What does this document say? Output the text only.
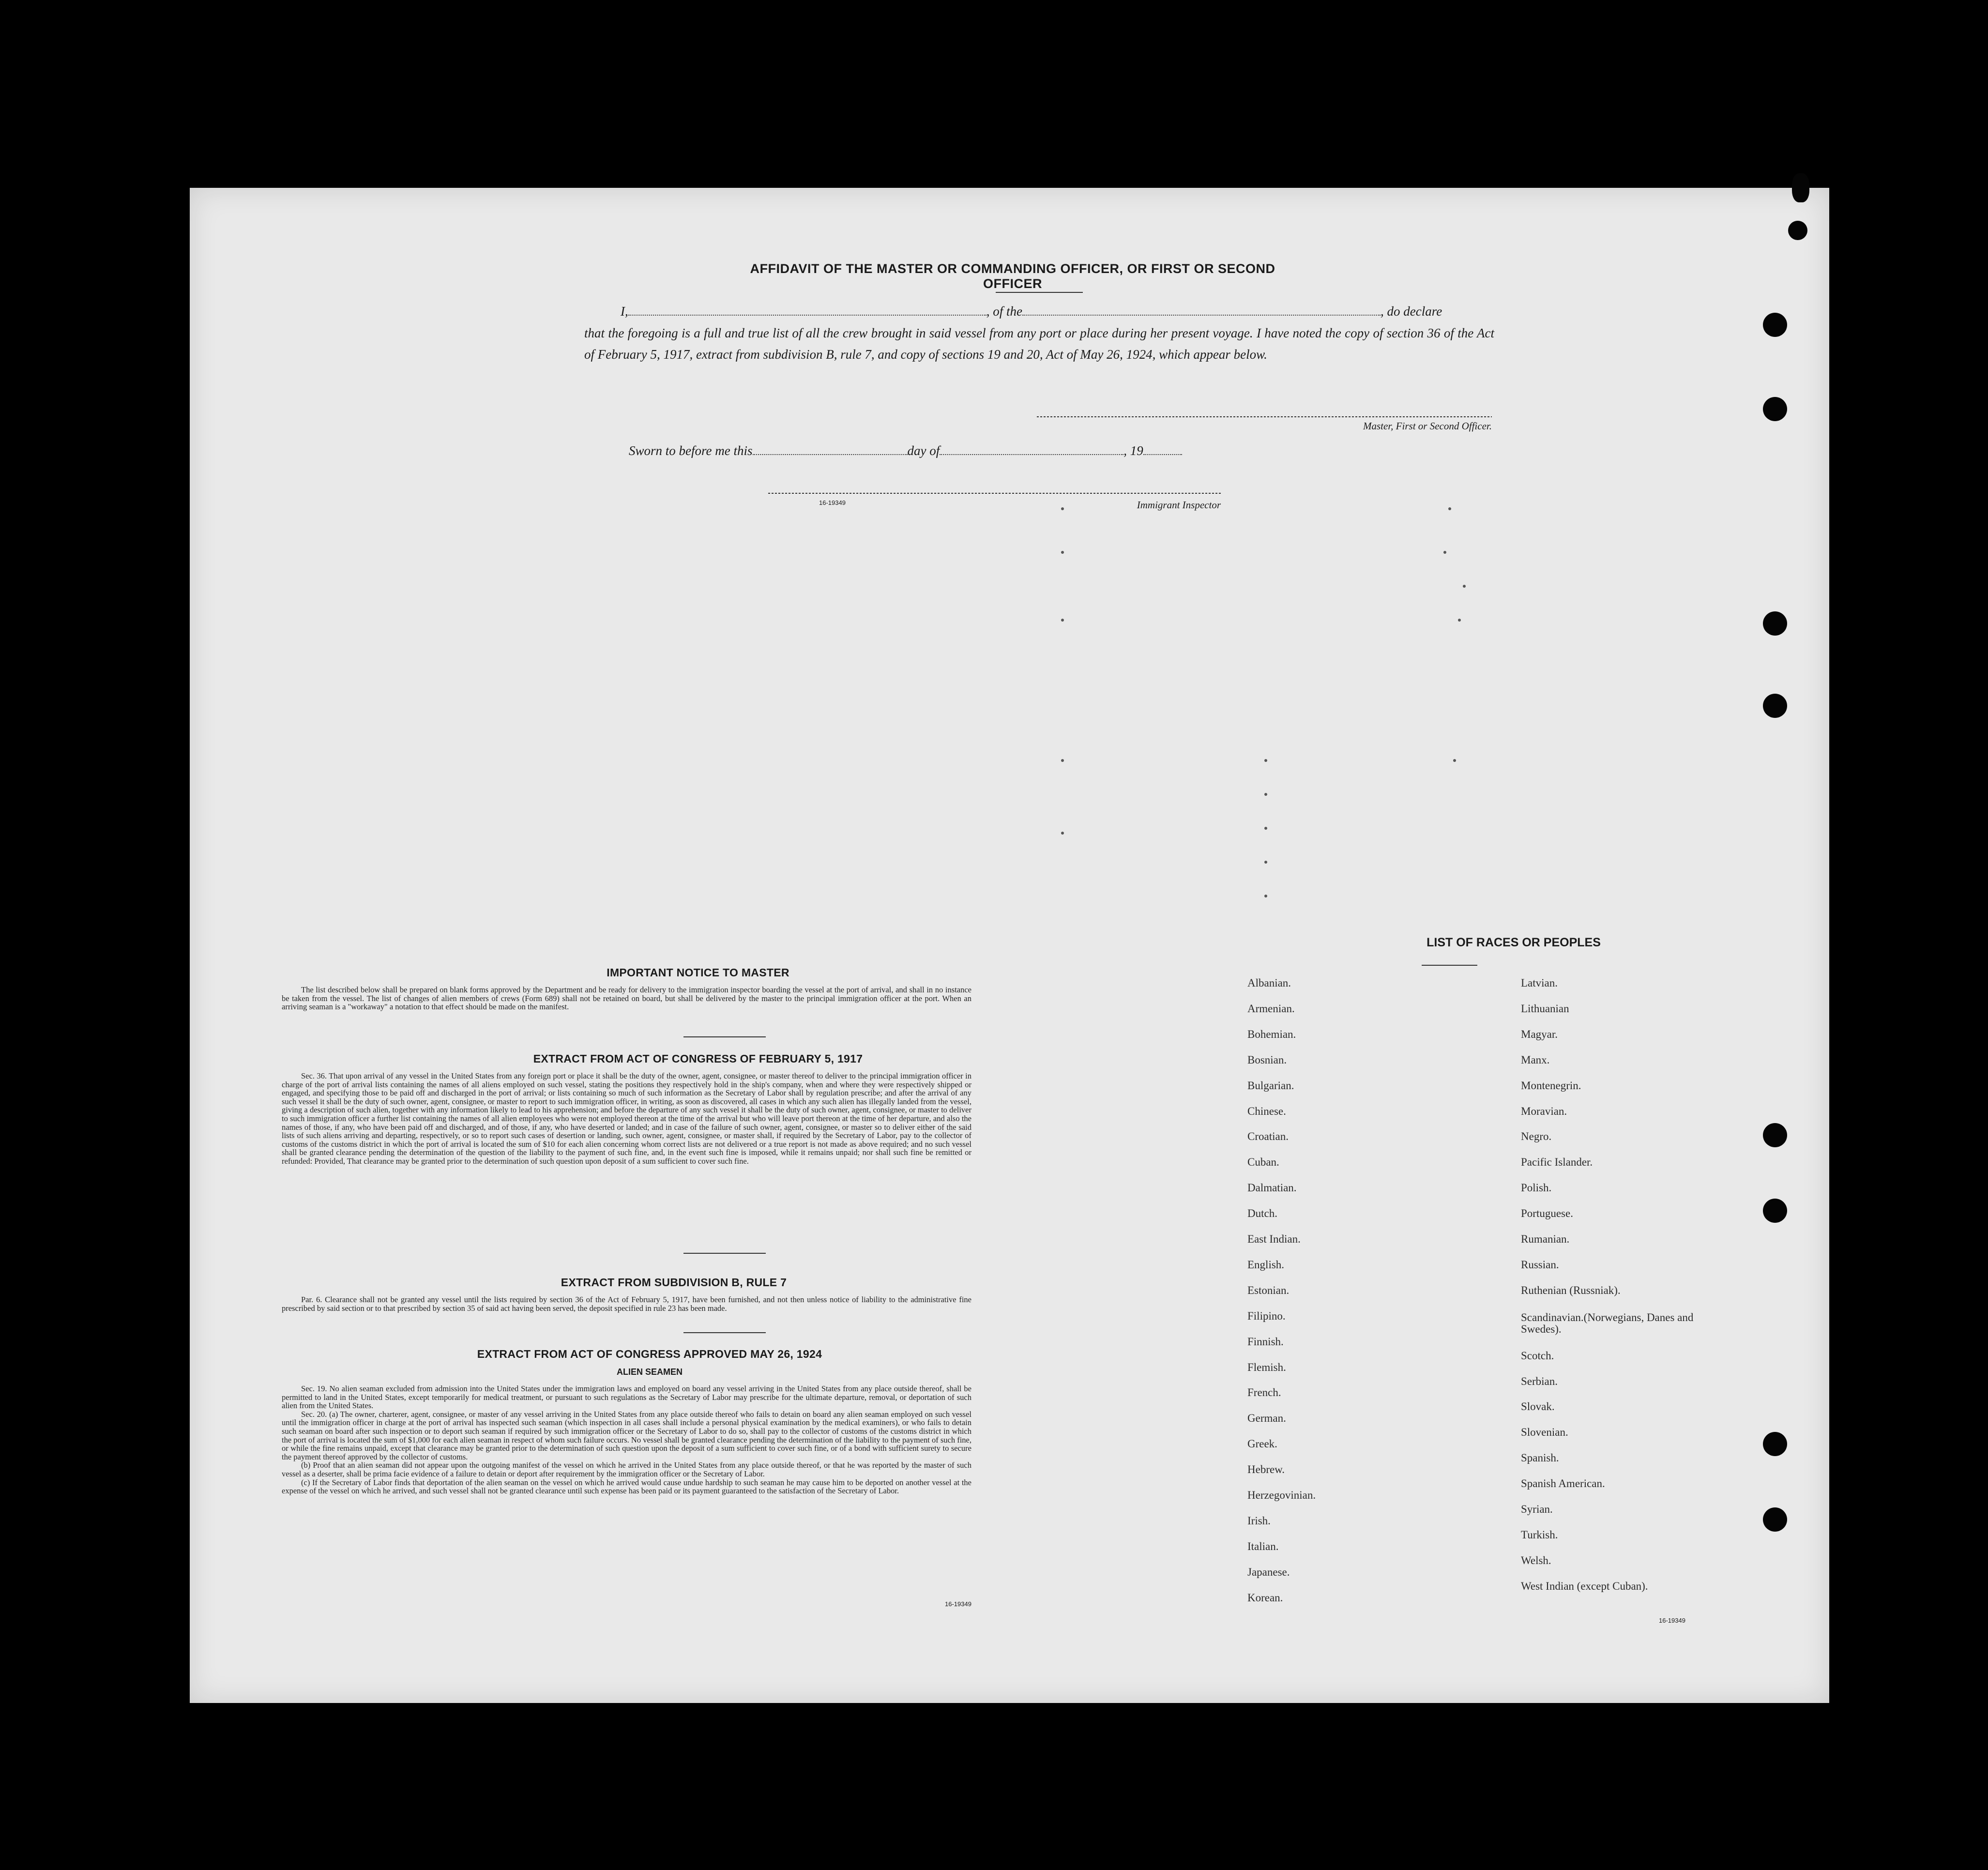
AFFIDAVIT OF THE MASTER OR COMMANDING OFFICER, OR FIRST OR SECOND OFFICER
I,	, of the	, do declare
that the foregoing is a full and true list of all the crew brought in said vessel from any port or place during her present voyage. I have noted the copy of section 36 of the Act of February 5, 1917, extract from subdivision B, rule 7, and copy of sections 19 and 20, Act of May 26, 1924, which appear below.
Master, First or Second Officer.
Sworn to before me this	day of	, 19
16-19349	Immigrant Inspector
IMPORTANT NOTICE TO MASTER

The list described below shall be prepared on blank forms approved by the Department and be ready for delivery to the immigration inspector boarding the vessel at the port of arrival, and shall in no instance be taken from the vessel. The list of changes of alien members of crews (Form 689) shall not be retained on board, but shall be delivered by the master to the principal immigration officer at the port. When an arriving seaman is a "workaway" a notation to that effect should be made on the manifest.

EXTRACT FROM ACT OF CONGRESS OF FEBRUARY 5, 1917

Sec. 36. That upon arrival of any vessel in the United States from any foreign port or place it shall be the duty of the owner, agent, consignee, or master thereof to deliver to the principal immigration officer in charge of the port of arrival lists containing the names of all aliens employed on such vessel, stating the positions they respectively hold in the ship's company, when and where they were respectively shipped or engaged, and specifying those to be paid off and discharged in the port of arrival; or lists containing so much of such information as the Secretary of Labor shall by regulation prescribe; and after the arrival of any such vessel it shall be the duty of such owner, agent, consignee, or master to report to such immigration officer, in writing, as soon as discovered, all cases in which any such alien has illegally landed from the vessel, giving a description of such alien, together with any information likely to lead to his apprehension; and before the departure of any such vessel it shall be the duty of such owner, agent, consignee, or master to deliver to such immigration officer a further list containing the names of all alien employees who were not employed thereon at the time of the arrival but who will leave port thereon at the time of her departure, and also the names of those, if any, who have been paid off and discharged, and of those, if any, who have deserted or landed; and in case of the failure of such owner, agent, consignee, or master so to deliver either of the said lists of such aliens arriving and departing, respectively, or so to report such cases of desertion or landing, such owner, agent, consignee, or master shall, if required by the Secretary of Labor, pay to the collector of customs of the customs district in which the port of arrival is located the sum of $10 for each alien concerning whom correct lists are not delivered or a true report is not made as above required; and no such vessel shall be granted clearance pending the determination of the question of the liability to the payment of such fine, and, in the event such fine is imposed, while it remains unpaid; nor shall such fine be remitted or refunded: Provided, That clearance may be granted prior to the determination of such question upon deposit of a sum sufficient to cover such fine.

EXTRACT FROM SUBDIVISION B, RULE 7

Par. 6. Clearance shall not be granted any vessel until the lists required by section 36 of the Act of February 5, 1917, have been furnished, and not then unless notice of liability to the administrative fine prescribed by said section or to that prescribed by section 35 of said act having been served, the deposit specified in rule 23 has been made.

EXTRACT FROM ACT OF CONGRESS APPROVED MAY 26, 1924
ALIEN SEAMEN

Sec. 19. No alien seaman excluded from admission into the United States under the immigration laws and employed on board any vessel arriving in the United States from any place outside thereof, shall be permitted to land in the United States, except temporarily for medical treatment, or pursuant to such regulations as the Secretary of Labor may prescribe for the ultimate departure, removal, or deportation of such alien from the United States.

Sec. 20. (a) The owner, charterer, agent, consignee, or master of any vessel arriving in the United States from any place outside thereof who fails to detain on board any alien seaman employed on such vessel until the immigration officer in charge at the port of arrival has inspected such seaman (which inspection in all cases shall include a personal physical examination by the medical examiners), or who fails to detain such seaman on board after such inspection or to deport such seaman if required by such immigration officer or the Secretary of Labor to do so, shall pay to the collector of customs of the customs district in which the port of arrival is located the sum of $1,000 for each alien seaman in respect of whom such failure occurs. No vessel shall be granted clearance pending the determination of the liability to the payment of such fine, or while the fine remains unpaid, except that clearance may be granted prior to the determination of such question upon the deposit of a sum sufficient to cover such fine, or of a bond with sufficient surety to secure the payment thereof approved by the collector of customs.

(b) Proof that an alien seaman did not appear upon the outgoing manifest of the vessel on which he arrived in the United States from any place outside thereof, or that he was reported by the master of such vessel as a deserter, shall be prima facie evidence of a failure to detain or deport after requirement by the immigration officer or the Secretary of Labor.

(c) If the Secretary of Labor finds that deportation of the alien seaman on the vessel on which he arrived would cause undue hardship to such seaman he may cause him to be deported on another vessel at the expense of the vessel on which he arrived, and such vessel shall not be granted clearance until such expense has been paid or its payment guaranteed to the satisfaction of the Secretary of Labor.

16-19349
LIST OF RACES OR PEOPLES
16-19349
Albanian.
Armenian.
Bohemian.
Bosnian.
Bulgarian.
Chinese.
Croatian.
Cuban.
Dalmatian.
Dutch.
East Indian.
English.
Estonian.
Filipino.
Finnish.
Flemish.
French.
German.
Greek.
Hebrew.
Herzegovinian.
Irish.
Italian.
Japanese.
Korean.
Latvian.
Lithuanian
Magyar.
Manx.
Montenegrin.
Moravian.
Negro.
Pacific Islander.
Polish.
Portuguese.
Rumanian.
Russian.
Ruthenian (Russniak).
Scandinavian.(Norwegians, Danes and Swedes).
Scotch.
Serbian.
Slovak.
Slovenian.
Spanish.
Spanish American.
Syrian.
Turkish.
Welsh.
West Indian (except Cuban).
